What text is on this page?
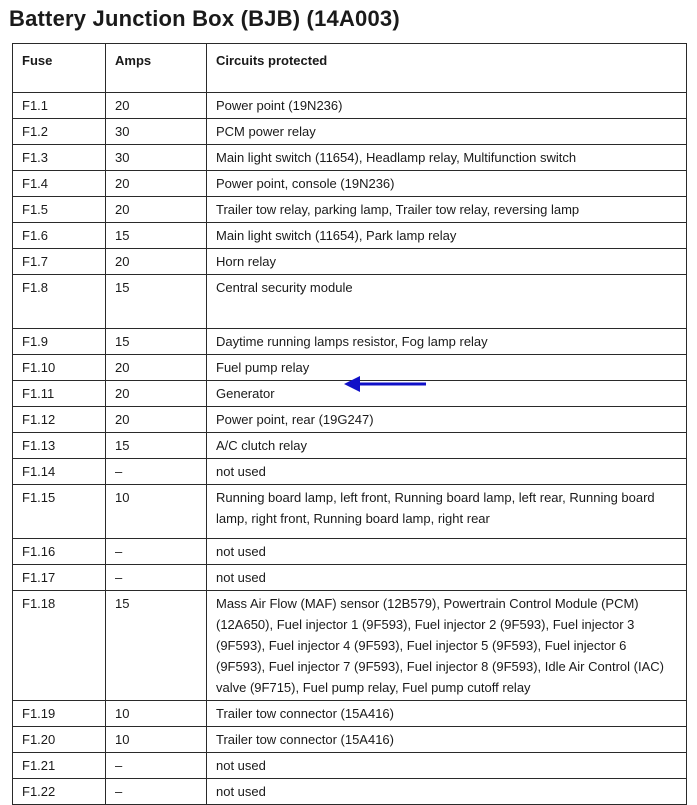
Battery Junction Box (BJB) (14A003)
Fuse	Amps	Circuits protected
F1.1	20	Power point (19N236)
F1.2	30	PCM power relay
F1.3	30	Main light switch (11654), Headlamp relay, Multifunction switch
F1.4	20	Power point, console (19N236)
F1.5	20	Trailer tow relay, parking lamp, Trailer tow relay, reversing lamp
F1.6	15	Main light switch (11654), Park lamp relay
F1.7	20	Horn relay
F1.8	15	Central security module
F1.9	15	Daytime running lamps resistor, Fog lamp relay
F1.10	20	Fuel pump relay
F1.11	20	Generator
F1.12	20	Power point, rear (19G247)
F1.13	15	A/C clutch relay
F1.14	–	not used
F1.15	10	Running board lamp, left front, Running board lamp, left rear, Running board lamp, right front, Running board lamp, right rear
F1.16	–	not used
F1.17	–	not used
F1.18	15	Mass Air Flow (MAF) sensor (12B579), Powertrain Control Module (PCM) (12A650), Fuel injector 1 (9F593), Fuel injector 2 (9F593), Fuel injector 3 (9F593), Fuel injector 4 (9F593), Fuel injector 5 (9F593), Fuel injector 6 (9F593), Fuel injector 7 (9F593), Fuel injector 8 (9F593), Idle Air Control (IAC) valve (9F715), Fuel pump relay, Fuel pump cutoff relay
F1.19	10	Trailer tow connector (15A416)
F1.20	10	Trailer tow connector (15A416)
F1.21	–	not used
F1.22	–	not used
